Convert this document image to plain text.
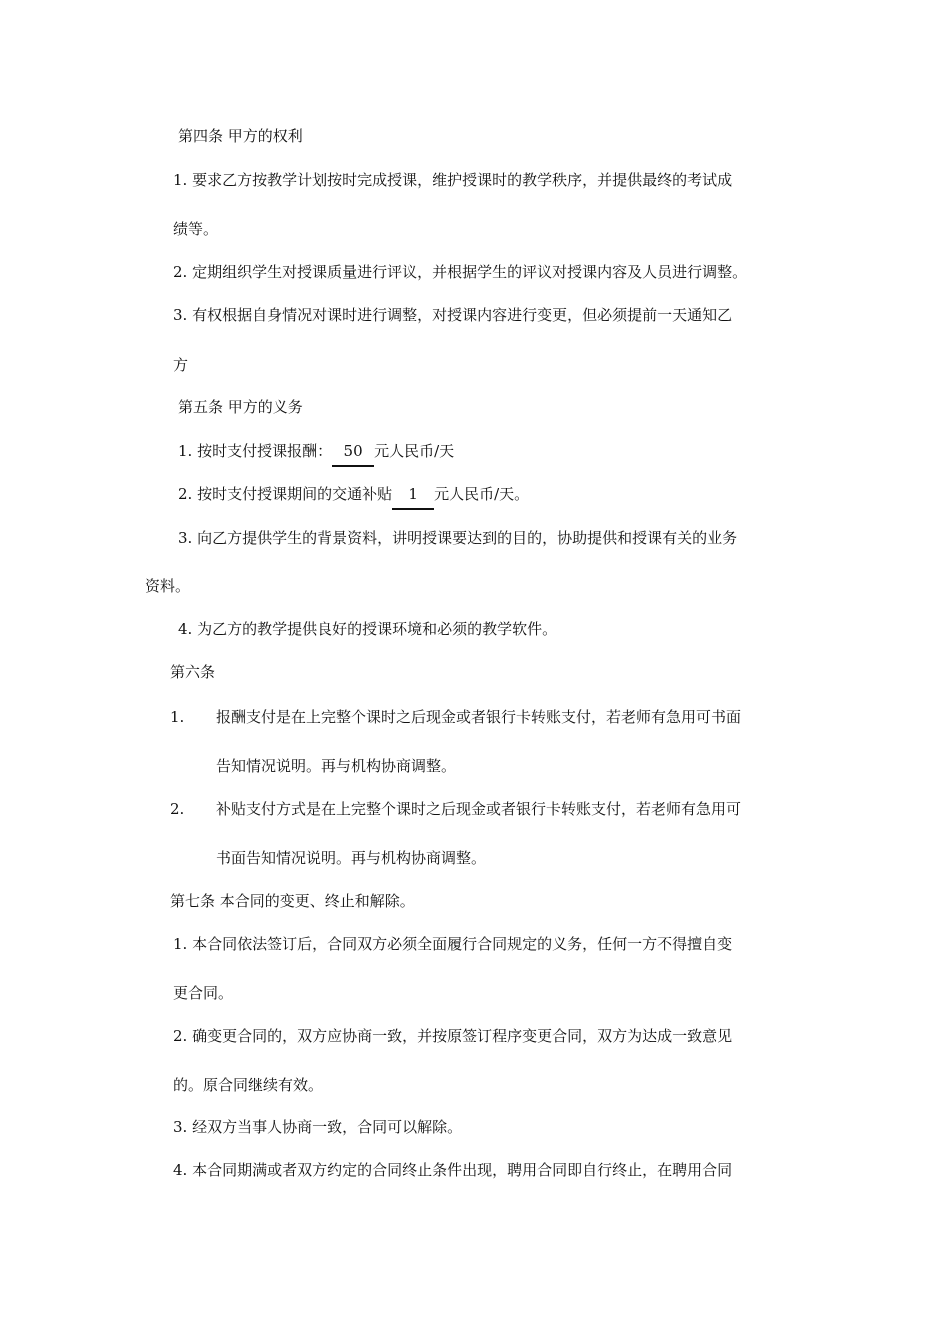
第四条 甲方的权利
1. 要求乙方按教学计划按时完成授课，维护授课时的教学秩序，并提供最终的考试成
绩等。
2. 定期组织学生对授课质量进行评议，并根据学生的评议对授课内容及人员进行调整。
3. 有权根据自身情况对课时进行调整，对授课内容进行变更，但必须提前一天通知乙
方
第五条 甲方的义务
1. 按时支付授课报酬： 50 元人民币/天
2. 按时支付授课期间的交通补贴 1 元人民币/天。
3. 向乙方提供学生的背景资料，讲明授课要达到的目的，协助提供和授课有关的业务
资料。
4. 为乙方的教学提供良好的授课环境和必须的教学软件。
第六条
1. 报酬支付是在上完整个课时之后现金或者银行卡转账支付，若老师有急用可书面
告知情况说明。再与机构协商调整。
2. 补贴支付方式是在上完整个课时之后现金或者银行卡转账支付，若老师有急用可
书面告知情况说明。再与机构协商调整。
第七条 本合同的变更、终止和解除。
1. 本合同依法签订后，合同双方必须全面履行合同规定的义务，任何一方不得擅自变
更合同。
2. 确变更合同的，双方应协商一致，并按原签订程序变更合同，双方为达成一致意见
的。原合同继续有效。
3. 经双方当事人协商一致，合同可以解除。
4. 本合同期满或者双方约定的合同终止条件出现，聘用合同即自行终止，在聘用合同
